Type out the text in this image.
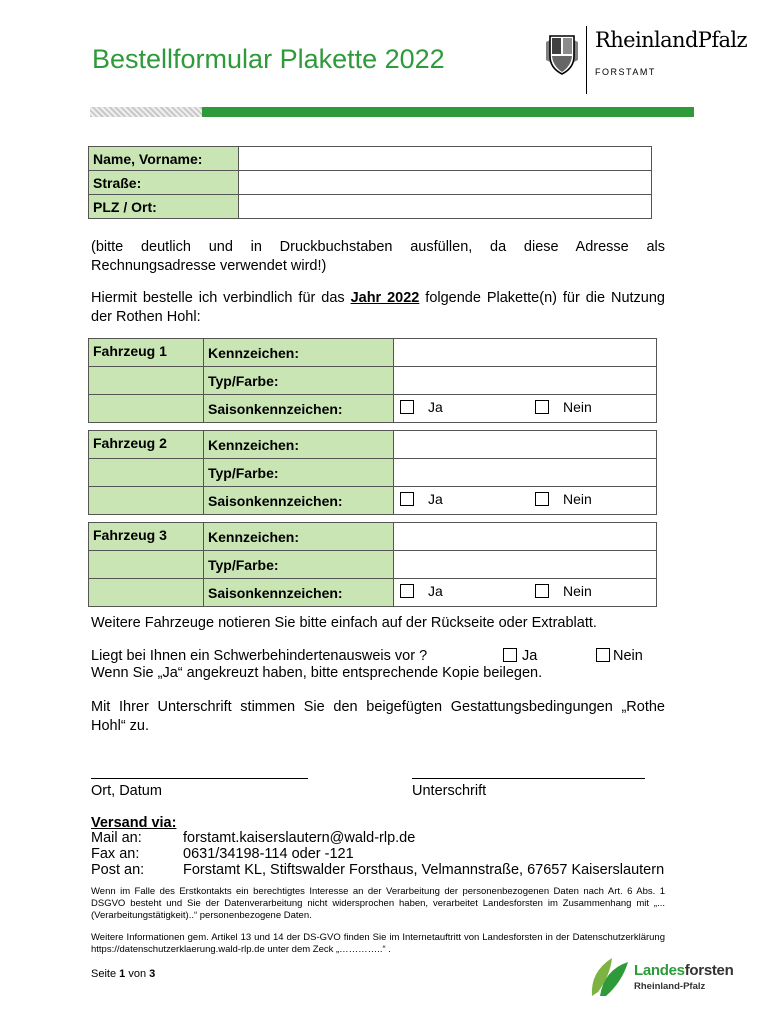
Bestellformular Plakette 2022
RheinlandPfalz
FORSTAMT
Name, Vorname:	
Straße:	
PLZ / Ort:	
(bitte deutlich und in Druckbuchstaben ausfüllen, da diese Adresse als Rechnungsadresse verwendet wird!)
Hiermit bestelle ich verbindlich für das Jahr 2022 folgende Plakette(n) für die Nutzung der Rothen Hohl:
Fahrzeug 1	Kennzeichen:	
	Typ/Farbe:	
	Saisonkennzeichen:	Ja Nein
Fahrzeug 2	Kennzeichen:	
	Typ/Farbe:	
	Saisonkennzeichen:	Ja Nein
Fahrzeug 3	Kennzeichen:	
	Typ/Farbe:	
	Saisonkennzeichen:	Ja Nein
Weitere Fahrzeuge notieren Sie bitte einfach auf der Rückseite oder Extrablatt.
Liegt bei Ihnen ein Schwerbehindertenausweis vor ?	Ja	Nein
Wenn Sie „Ja“ angekreuzt haben, bitte entsprechende Kopie beilegen.
Mit Ihrer Unterschrift stimmen Sie den beigefügten Gestattungsbedingungen „Rothe Hohl“ zu.
Ort, Datum	Unterschrift
Versand via:
Mail an:	forstamt.kaiserslautern@wald-rlp.de
Fax an:	0631/34198-114 oder -121
Post an:	Forstamt KL, Stiftswalder Forsthaus, Velmannstraße, 67657 Kaiserslautern
Wenn im Falle des Erstkontakts ein berechtigtes Interesse an der Verarbeitung der personenbezogenen Daten nach Art. 6 Abs. 1 DSGVO besteht und Sie der Datenverarbeitung nicht widersprochen haben, verarbeitet Landesforsten im Zusammenhang mit „...(Verarbeitungstätigkeit)..“ personenbezogene Daten.
Weitere Informationen gem. Artikel 13 und 14 der DS-GVO finden Sie im Internetauftritt von Landesforsten in der Datenschutzerklärung https://datenschutzerklaerung.wald-rlp.de unter dem Zeck „…………..“ .
Seite 1 von 3	Landesforsten
Rheinland-Pfalz
